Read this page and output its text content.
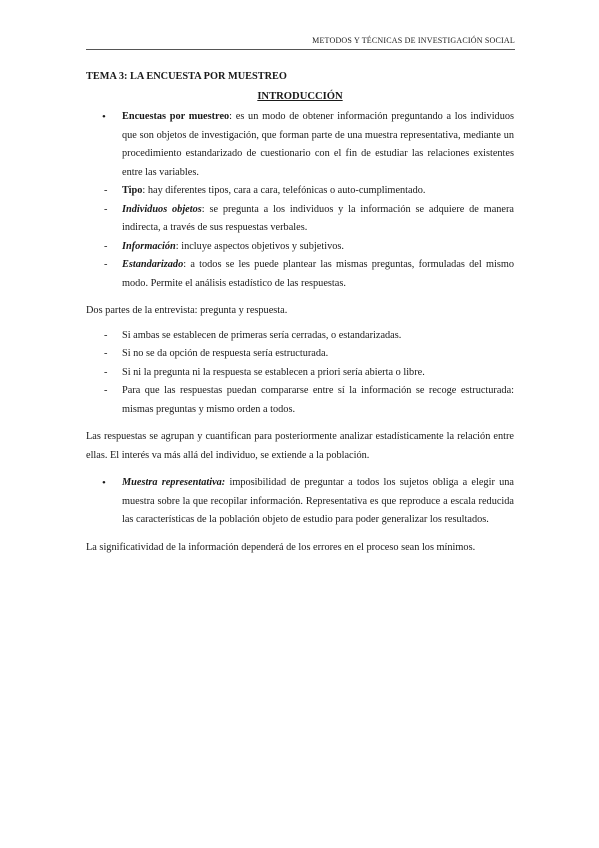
METODOS Y TÉCNICAS DE INVESTIGACIÓN SOCIAL

TEMA 3: LA ENCUESTA POR MUESTREO

INTRODUCCIÓN

•	Encuestas por muestreo: es un modo de obtener información preguntando a los individuos que son objetos de investigación, que forman parte de una muestra representativa, mediante un procedimiento estandarizado de cuestionario con el fin de estudiar las relaciones existentes entre las variables.
-	Tipo: hay diferentes tipos, cara a cara, telefónicas o auto-cumplimentado.
-	Individuos objetos: se pregunta a los individuos y la información se adquiere de manera indirecta, a través de sus respuestas verbales.
-	Información: incluye aspectos objetivos y subjetivos.
-	Estandarizado: a todos se les puede plantear las mismas preguntas, formuladas del mismo modo. Permite el análisis estadístico de las respuestas.

Dos partes de la entrevista: pregunta y respuesta.

-	Si ambas se establecen de primeras sería cerradas, o estandarizadas.
-	Si no se da opción de respuesta sería estructurada.
-	Si ni la pregunta ni la respuesta se establecen a priori sería abierta o libre.
-	Para que las respuestas puedan compararse entre sí la información se recoge estructurada: mismas preguntas y mismo orden a todos.

Las respuestas se agrupan y cuantifican para posteriormente analizar estadísticamente la relación entre ellas. El interés va más allá del individuo, se extiende a la población.

•	Muestra representativa: imposibilidad de preguntar a todos los sujetos obliga a elegir una muestra sobre la que recopilar información. Representativa es que reproduce a escala reducida las características de la población objeto de estudio para poder generalizar los resultados.

La significatividad de la información dependerá de los errores en el proceso sean los mínimos.
